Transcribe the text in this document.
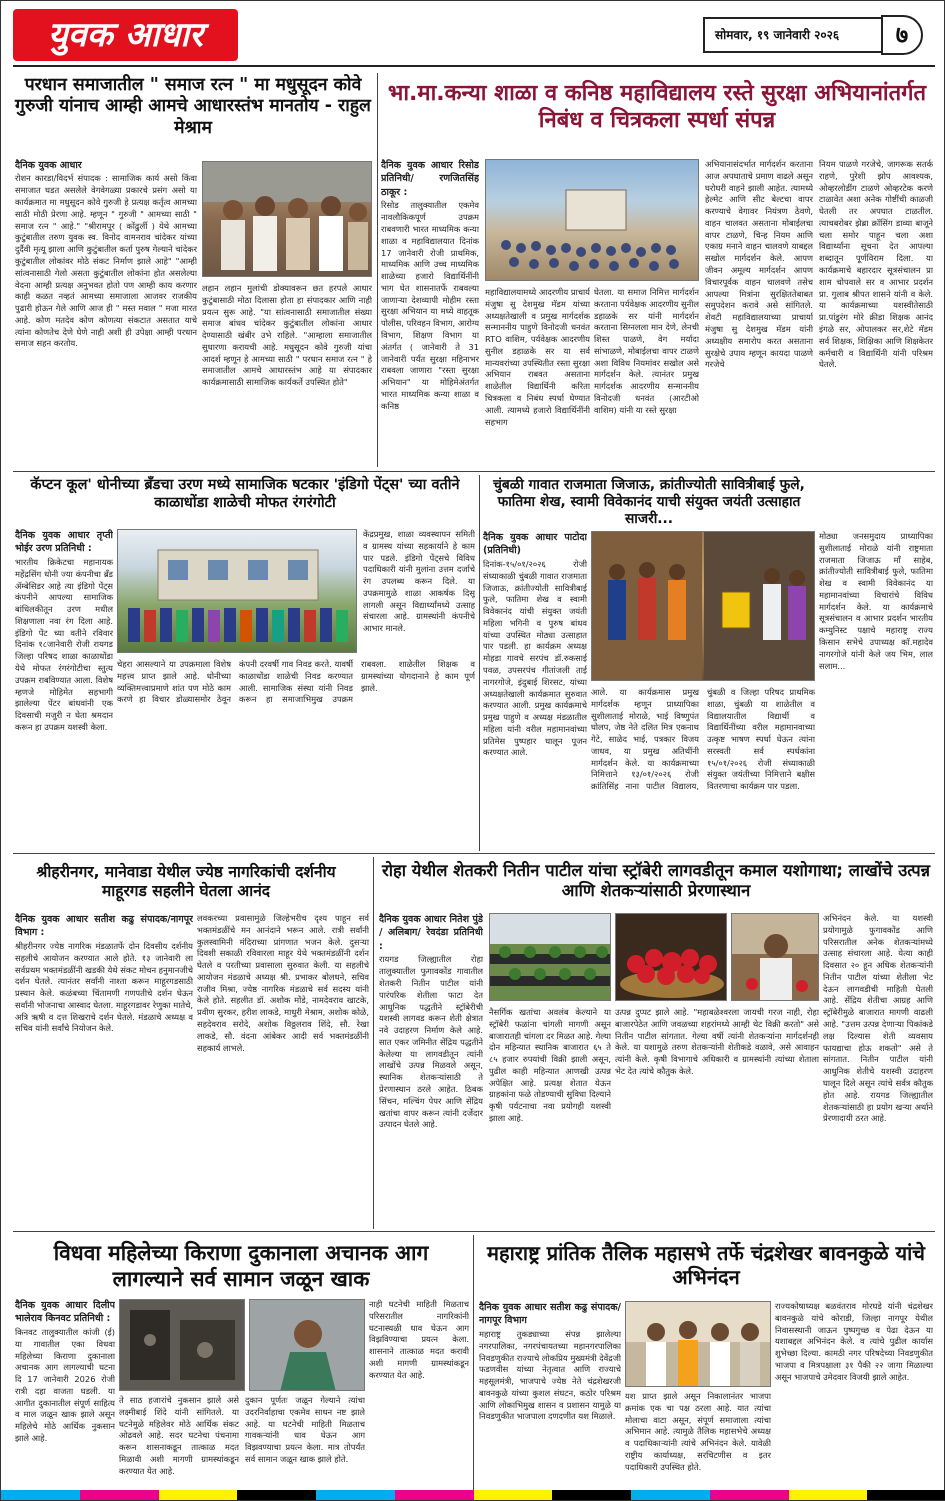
युवक आधार	सोमवार, १९ जानेवारी २०२६	७
परधान समाजातील " समाज रत्न " मा मधुसूदन कोवे गुरुजी यांनाच आम्ही आमचे आधारस्तंभ मानतोय - राहुल मेश्राम
दैनिक युवक आधार
रोशन कारडा/विदर्भ संपादक : सामाजिक कार्य असो किंवा समाजात घडत असलेले वेगवेगळ्या प्रकारचे प्रसंग असो या कार्यक्रमात मा मधुसूदन कोवे गुरुजी हे प्रत्यक्ष कर्तृत्व आमच्या साठी मोठी प्रेरणा आहे. म्हणून " गुरुजी " आमच्या साठी " समाज रत्न " आहे." "श्रीरामपूर ( कोंढुर्ली ) येथे आमच्या कुटुंबातील तरुण युवक स्व. विनोद वामनराव चांदेकर यांच्या दुर्दैवी मृत्यू झाला आणि कुटुंबातील कर्ता पुरुष गेल्याने चांदेकर कुटुंबातील लोकांवर मोठे संकट निर्माण झाले आहे" "आम्ही सांत्वनासाठी गेलो असता कुटुंबातील लोकांना होत असलेल्या वेदना आम्ही प्रत्यक्ष अनुभवत होतो पण आम्ही काय करणार काही कळत नव्हतं आमच्या समाजाला आजवर राजकीय पुढारी होऊन गेले आणि आज ही " मस्त मवाल " मजा मारत आहे. कोण मतदेव कोण कोणत्या संकटात असतात याचे त्यांना कोणतेच देणे घेणे नाही अशी ही उपेक्षा आम्ही परधान समाज सहन करतोय.
लहान लहान मुलांची डोक्यावरून छत हरपले आधार कुटुंबासाठी मोठा दिलासा होता हा संपादकार आणि नाही प्रयत्न सुरू आहे. "या सांत्वनासाठी समाजातील संख्या समाज बांधव चांदेकर कुटुंबातील लोकांना आधार देण्यासाठी खंबीर उभे राहिले. "आम्हाला समाजातील सुधारणा करायची आहे. मधुसूदन कोवे गुरुजी यांचा आदर्श म्हणून हे आमच्या साठी " परधान समाज रत्न " हे समाजातील आमचे आधारस्तंभ आहे या संपादकार कार्यक्रमासाठी सामाजिक कार्यकर्ते उपस्थित होते"
भा.मा.कन्या शाळा व कनिष्ठ महाविद्यालय रस्ते सुरक्षा अभियानांतर्गत निबंध व चित्रकला स्पर्धा संपन्न
दैनिक युवक आधार रिसोड प्रतिनिधी/ रणजितसिंह ठाकूर :
रिसोड तालुक्यातील एकमेव नावलौकिकपूर्ण उपक्रम राबवणारी भारत माध्यमिक कन्या शाळा व महाविद्यालयात दिनांक 17 जानेवारी रोजी प्राथमिक, माध्यमिक आणि उच्च माध्यमिक शाळेच्या हजारो विद्यार्थिनींनी भाग घेत शासनातर्फे राबवल्या जाणाऱ्या देशव्यापी मोहीम रस्ता सुरक्षा अभियान या मध्ये वाहतूक पोलीस, परिवहन विभाग, आरोग्य विभाग, शिक्षण विभाग या अंतर्गत ( जानेवारी ते 31 जानेवारी पर्यंत सुरक्षा महिनाभर राबवला जाणारा "रस्ता सुरक्षा अभियान" या मोहिमेअंतर्गत भारत माध्यमिक कन्या शाळा व कनिष्ठ
महाविद्यालयामध्ये आदरणीय प्राचार्य मंजुषा सु देशमुख मॅडम यांच्या अध्यक्षतेखाली व प्रमुख मार्गदर्शक सन्माननीय पाहुणे विनोदजी धनवंत RTO वाशिम, पर्यवेक्षक आदरणीय सुनील डहाळके सर या सर्व मान्यवरांच्या उपस्थितीत रस्ता सुरक्षा अभियान राबवत असताना शाळेतील विद्यार्थिनी करिता चित्रकला व निबंध स्पर्धा घेण्यात आली. त्यामध्ये हजारो विद्यार्थिनींनी सहभाग
घेतला. या समाज निमित्त मार्गदर्शन करताना पर्यवेक्षक आदरणीय सुनील डहाळके सर यांनी मार्गदर्शन करताना सिग्नलला मान देणे, लेनची शिस्त पाळणे, वेग मर्यादा सांभाळणे, मोबाईलचा वापर टाळणे अशा विविध नियमांवर सखोल असे मार्गदर्शन केले. त्यानंतर प्रमुख मार्गदर्शक आदरणीय सन्माननीय विनोदजी धनवंत (आरटीओ वाशिम) यांनी या रस्ते सुरक्षा
अभियानासंदर्भात मार्गदर्शन करताना आज अपघाताचे प्रमाण वाढले असून घरोघरी वाहने झाली आहेत. त्यामध्ये हेल्मेट आणि सीट बेल्टचा वापर करण्याचे वेगावर नियंत्रण ठेवणे, वाहन चालवत असताना मोबाईलचा वापर टाळणे, चिन्ह नियम आणि एकाग्र मनाने वाहन चालवणे याबद्दल सखोल मार्गदर्शन केले. आपण जीवन अमूल्य मार्गदर्शन आपण विचारपूर्वक वाहन चालवणे तसेच आपल्या मित्रांना सुरक्षिततेबाबत समुपदेशन करावे असे सांगितले. शेवटी महाविद्यालयाच्या प्राचार्या मंजुषा सु देशमुख मॅडम यांनी अध्यक्षीय समारोप करत असताना सुरक्षेचे उपाय म्हणून कायदा पाळणे गरजेचे
नियम पाळणे गरजेचे, जागरूक सतर्क राहणे, पुरेशी झोप आवश्यक, ओव्हरलोडींग टाळणे ओव्हरटेक करणे टाळावेत अशा अनेक गोष्टींची काळजी घेतली तर अपघात टाळतील. त्याचबरोबर झेब्रा क्रॉसिंग डाव्या बाजूने चला समोर पाहून चला अशा विद्यार्थ्यांना सूचना देत आपल्या शब्दातून पूर्णविराम दिला. या कार्यक्रमाचे बहारदार सूत्रसंचालन प्रा शाम चोपवाले सर व आभार प्रदर्शन प्रा. गुलाब श्रीपत शासने यांनी व केले. या कार्यक्रमाच्या यशस्वीतेसाठी प्रा.पांडुरंग मोरे क्रीडा शिक्षक आनंद इंगळे सर, ओपालकर सर,शेटे मॅडम सर्व शिक्षक, शिक्षिका आणि शिक्षकेतर कर्मचारी व विद्यार्थिनी यांनी परिश्रम घेतले.
कॅप्टन कूल' धोनीच्या ब्रँडचा उरण मध्ये सामाजिक षटकार 'इंडिगो पेंट्स' च्या वतीने काळाधोंडा शाळेची मोफत रंगरंगोटी
दैनिक युवक आधार तृप्ती भोईर उरण प्रतिनिधी :
भारतीय क्रिकेटचा महानायक महेंद्रसिंग धोनी ज्या कंपनीचा ब्रँड ॲम्बेसिडर आहे त्या इंडिगो पेंट्स कंपनीने आपल्या सामाजिक बांधिलकीतून उरण मधील शिक्षणाला नवा रंग दिला आहे. इंडिगो पेंट च्या वतीने रविवार दिनांक १८जानेवारी रोजी रायगड जिल्हा परिषद शाळा काळाधोंडा येथे मोफत रंगरंगोटीचा स्तुत्य उपक्रम राबविण्यात आला. विशेष म्हणजे मोहिमेत सहभागी झालेल्या पेंटर बांधवांनी एक दिवसाची मजुरी न घेता श्रमदान करून हा उपक्रम यशस्वी केला.
केंद्रप्रमुख, शाळा व्यवस्थापन समिती व ग्रामस्थ यांच्या सहकार्याने हे काम पार पडले. इंडिगो पेंट्सचे विविध पदाधिकारी यांनी मुलांना उत्तम दर्जाचे रंग उपलब्ध करून दिले. या उपक्रमामुळे शाळा आकर्षक दिसू लागली असून विद्यार्थ्यांमध्ये उत्साह संचारला आहे. ग्रामस्थांनी कंपनीचे आभार मानले.
चेहरा आसल्याने या उपक्रमाला विशेष महत्त्व प्राप्त झाले आहे. धोनीच्या व्यक्तिमत्त्वाप्रमाणे शांत पण मोठे काम करणे हा विचार डोळ्यासमोर ठेवून कंपनी दरवर्षी गाव निवड करते. यावर्षी काळाधोंडा शाळेची निवड करण्यात आली. सामाजिक संस्था यांनी निवड करून हा समाजाभिमुख उपक्रम राबवला. शाळेतील शिक्षक व ग्रामस्थांच्या योगदानाने हे काम पूर्ण झाले.
चुंबळी गावात राजमाता जिजाऊ, क्रांतीज्योती सावित्रीबाई फुले, फातिमा शेख, स्वामी विवेकानंद याची संयुक्त जयंती उत्साहात साजरी...
दैनिक युवक आधार पाटोदा (प्रतिनिधी)
दिनांक-१५/०१/२०२६ रोजी संध्याकाळी चुंबळी गावात राजमाता जिजाऊ, क्रांतीज्योती सावित्रीबाई फुले, फातिमा शेख व स्वामी विवेकानंद यांची संयुक्त जयंती महिला भगिनी व पुरुष बांधव यांच्या उपस्थित मोठ्या उत्साहात पार पडली. हा कार्यक्रम अध्यक्ष मोहडा गावचे सरपंच डॉ.रुकसाई पवळ, उपसरपंच गीतांजली ताई नागरगोजे, इंदुबाई शिरसट, यांच्या अध्यक्षतेखाली कार्यक्रमात सुरुवात करण्यात आली. प्रमुख कार्यक्रमाचे प्रमुख पाहुणे व अध्यक्ष मंडळातील महिला यांनी वरील महामानवांच्या प्रतिमेस पुष्पहार घालून पूजन करण्यात आले.
आले. या कार्यक्रमास प्रमुख मार्गदर्शक म्हणून प्राध्यापिका सुशीलाताई मोराळे, भाई विष्णुपंत घोलप, जेष्ठ नेते दलित मित्र एकनाथ गेटे, साळेद भाई, पत्रकार विजय जाधव, या प्रमुख अतिथींनी मार्गदर्शन केले. या कार्यक्रमाच्या निमित्ताने १३/०१/२०२६ रोजी क्रांतिसिंह नाना पाटील विद्यालय, चुंबळी व जिल्हा परिषद प्राथमिक शाळा, चुंबळी या शाळेतील व विद्यालयातील विद्यार्थी व विद्यार्थिनींच्या वरील महामानवाच्या उत्कृष्ट भाषण स्पर्धा घेऊन त्यांना सरस्वती सर्व स्पर्धकांना १५/०१/२०२६ रोजी संध्याकाळी संयुक्त जयंतीच्या निमित्ताने बक्षीस वितरणाचा कार्यक्रम पार पडला.
मोठ्या जनसमुदाय प्राध्यापिका सुशीलाताई मोराळे यांनी राष्ट्रमाता राजमाता जिजाऊ माँ साहेब, क्रांतीज्योती सावित्रीबाई फुले, फातिमा शेख व स्वामी विवेकानंद या महामानवांच्या विचारांचे विविध मार्गदर्शन केले. या कार्यक्रमाचे सूत्रसंचालन व आभार प्रदर्शन भारतीय कम्युनिस्ट पक्षाचे महाराष्ट्र राज्य किसान सभेचे उपाध्यक्ष कॉ.महादेव नागरगोजे यांनी केले जय भिम, लाल सलाम...
श्रीहरीनगर, मानेवाडा येथील ज्येष्ठ नागरिकांची दर्शनीय माहूरगड सहलीने घेतला आनंद
दैनिक युवक आधार सतीश कढु संपादक/नागपूर विभाग :
श्रीहरीनगर ज्येष्ठ नागरिक मंडळातर्फे दोन दिवसीय दर्शनीय सहलीचे आयोजन करण्यात आले होते. १३ जानेवारी ला सर्वप्रथम भक्तमंडळींनी खडकी येथे संकट मोचन हनुमानजीचे दर्शन घेतले. त्यानंतर सर्वांनी नाश्ता करून माहूरगडसाठी प्रस्थान केले. कळंबच्या चिंतामणी गणपतीचे दर्शन घेऊन सर्वांनी भोजनाचा आस्वाद घेतला. माहूरगडावर रेणुका मातेचे, अत्रि ऋषी व दत्त शिखराचे दर्शन घेतले. मंडळाचे अध्यक्ष व सचिव यांनी सर्वांचे नियोजन केले.
लवकरच्या प्रवासामुळे जिल्हेभरीच दृश्य पाहून सर्व भक्तमंडळींचे मन आनंदाने भरून आले. रात्री सर्वांनी कुलस्वामिनी मंदिराच्या प्रांगणात भजन केले. दुसऱ्या दिवशी सकाळी रविवारला माहूर येथे भक्तमंडळींनी दर्शन घेतले व परतीच्या प्रवासाला सुरुवात केली. या सहलीचे आयोजन मंडळाचे अध्यक्ष श्री. प्रभाकर बोलधने, सचिव राजीव मिश्रा, ज्येष्ठ नागरिक मंडळाचे सर्व सदस्य यांनी केले होते. सहलीत डॉ. अशोक मोंडे, नामदेवराव खाटके, प्रवीण सुरकर, हरीश लाकडे, माधुरी मेश्राम, अशोक कोळे, सहदेवराव सरोदे, अशोक विठ्ठलराव शिंदे, सौ. रेखा लाकडे, सौ. वंदना आंबेकर आदी सर्व भक्तमंडळींनी सहकार्य लाभले.
रोहा येथील शेतकरी नितीन पाटील यांचा स्ट्रॉबेरी लागवडीतून कमाल यशोगाथा; लाखोंचे उत्पन्न आणि शेतकऱ्यांसाठी प्रेरणास्थान
दैनिक युवक आधार नितेश पुंडे / अलिबाग/ रेवदंडा प्रतिनिधी :
रायगड जिल्ह्यातील रोहा तालुक्यातील फुगावकोंड गावातील शेतकरी नितीन पाटील यांनी पारंपरिक शेतीला फाटा देत आधुनिक पद्धतीने स्ट्रॉबेरीची यशस्वी लागवड करून शेती क्षेत्रात नवे उदाहरण निर्माण केले आहे. सात एकर जमिनीत सेंद्रिय पद्धतीने केलेल्या या लागवडीतून त्यांनी लाखोंचे उत्पन्न मिळवले असून, स्थानिक शेतकऱ्यांसाठी ते प्रेरणास्थान ठरले आहेत. ठिबक सिंचन, मल्चिंग पेपर आणि सेंद्रिय खतांचा वापर करून त्यांनी दर्जेदार उत्पादन घेतले आहे.
नैसर्गिक खतांचा अवलंब केल्याने या स्ट्रॉबेरी फळांना चांगली मागणी असून बाजारातही चांगला दर मिळत आहे. गेल्या दोन महिन्यात स्थानिक बाजारात ६५ ते ८५ हजार रुपयांची विक्री झाली असून, पुढील काही महिन्यात आणखी उत्पन्न अपेक्षित आहे. प्रत्यक्ष शेतात येऊन ग्राहकांना फळे तोडण्याची सुविधा दिल्याने कृषी पर्यटनाचा नवा प्रयोगही यशस्वी झाला आहे.
उत्पन्न दुप्पट झाले आहे. "महाबळेश्वरला जायची गरज नाही, रोहा बाजारपेठेत आणि जवळच्या शहरांमध्ये आम्ही थेट विक्री करतो" असे नितीन पाटील सांगतात. गेल्या वर्षी त्यांनी शेतकऱ्यांना मार्गदर्शनही केले. या यशामुळे तरुण शेतकऱ्यांनी शेतीकडे वळावे, असे आवाहन त्यांनी केले. कृषी विभागाचे अधिकारी व ग्रामस्थांनी त्यांच्या शेताला भेट देत त्यांचे कौतुक केले.
अभिनंदन केले. या यशस्वी प्रयोगामुळे फुगावकोंड आणि परिसरातील अनेक शेतकऱ्यांमध्ये उत्साह संचारला आहे. येत्या काही दिवसात २० हून अधिक शेतकऱ्यांनी नितीन पाटील यांच्या शेतीला भेट देऊन लागवडीची माहिती घेतली आहे. सेंद्रिय शेतीचा आग्रह आणि स्ट्रॉबेरीमुळे बाजारात मागणी वाढली आहे. "उत्तम उत्पन्न देणाऱ्या पिकांकडे लक्ष दिल्यास शेती व्यवसाय फायद्याचा होऊ शकतो" असे ते सांगतात. नितीन पाटील यांनी आधुनिक शेतीचे यशस्वी उदाहरण घालून दिले असून त्यांचे सर्वत्र कौतुक होत आहे. रायगड जिल्ह्यातील शेतकऱ्यांसाठी हा प्रयोग खऱ्या अर्थाने प्रेरणादायी ठरत आहे.
विधवा महिलेच्या किराणा दुकानाला अचानक आग लागल्याने सर्व सामान जळून खाक
दैनिक युवक आधार दिलीप भालेराव किनवट प्रतिनिधी :
किनवट तालुक्यातील कांजी (ई) या गावातील एका विधवा महिलेच्या किराणा दुकानाला अचानक आग लागल्याची घटना दि 17 जानेवारी 2026 रोजी रात्री दहा वाजता घडली. या आगीत दुकानातील संपूर्ण साहित्य व माल जळून खाक झाले असून महिलेचे मोठे आर्थिक नुकसान झाले आहे.
ते साठ हजारांचे नुकसान झाले असे लक्ष्मीबाई शिंदे यांनी सांगितले. या घटनेमुळे महिलेवर मोठे आर्थिक संकट ओढवले आहे. सदर घटनेचा पंचनामा करून शासनाकडून तात्काळ मदत मिळावी अशी मागणी ग्रामस्थांकडून करण्यात येत आहे.
दुकान पूर्णतः जळून गेल्याने त्यांचा उदरनिर्वाहाचा एकमेव साधन नष्ट झाले आहे. या घटनेची माहिती मिळताच गावकऱ्यांनी धाव घेऊन आग विझवण्याचा प्रयत्न केला. मात्र तोपर्यंत सर्व सामान जळून खाक झाले होते.
नाही घटनेची माहिती मिळताच परिसरातील नागरिकांनी घटनास्थळी धाव घेऊन आग विझविण्याचा प्रयत्न केला. शासनाने तात्काळ मदत करावी अशी मागणी ग्रामस्थांकडून करण्यात येत आहे.
महाराष्ट्र प्रांतिक तैलिक महासभे तर्फे चंद्रशेखर बावनकुळे यांचे अभिनंदन
दैनिक युवक आधार सतीश कढु संपादक/नागपूर विभाग
महाराष्ट्र तुकड्याच्या संपन्न झालेल्या नगरपालिका, नगरपंचायतच्या महानगरपालिका निवडणुकीत राज्याचे लोकप्रिय मुख्यमंत्री देवेंद्रजी फडणवीस यांच्या नेतृत्वात आणि राज्याचे महसूलमंत्री, भाजपाचे ज्येष्ठ नेते चंद्रशेखरजी बावनकुळे यांच्या कुशल संघटन, कठोर परिश्रम आणि लोकाभिमुख शासन व प्रशासन यामुळे या निवडणुकीत भाजपाला दणदणीत यश मिळाले.
यश प्राप्त झाले असून निकालानंतर भाजपा क्रमांक एक चा पक्ष ठरला आहे. यात त्यांचा मोलाचा वाटा असून, संपूर्ण समाजाला त्यांचा अभिमान आहे. त्यामुळे तैलिक महासभेचे अध्यक्ष व पदाधिकाऱ्यांनी त्यांचे अभिनंदन केले. यावेळी राष्ट्रीय कार्याध्यक्ष, सरचिटणीस व इतर पदाधिकारी उपस्थित होते.
राज्यकोषाध्यक्ष बळवंतराव मोरघडे यांनी चंद्रशेखर बावनकुळे यांचे कोराडी, जिल्हा नागपूर येथील निवासस्थानी जाऊन पुष्पगुच्छ व पेढा देऊन या यशाबद्दल अभिनंदन केले. व त्यांचे पुढील कार्यास शुभेच्छा दिल्या. कामठी नगर परिषदेच्या निवडणुकीत भाजपा व मित्रपक्षाला ३१ पैकी २२ जागा मिळाल्या असून भाजपाचे उमेदवार विजयी झाले आहेत.
